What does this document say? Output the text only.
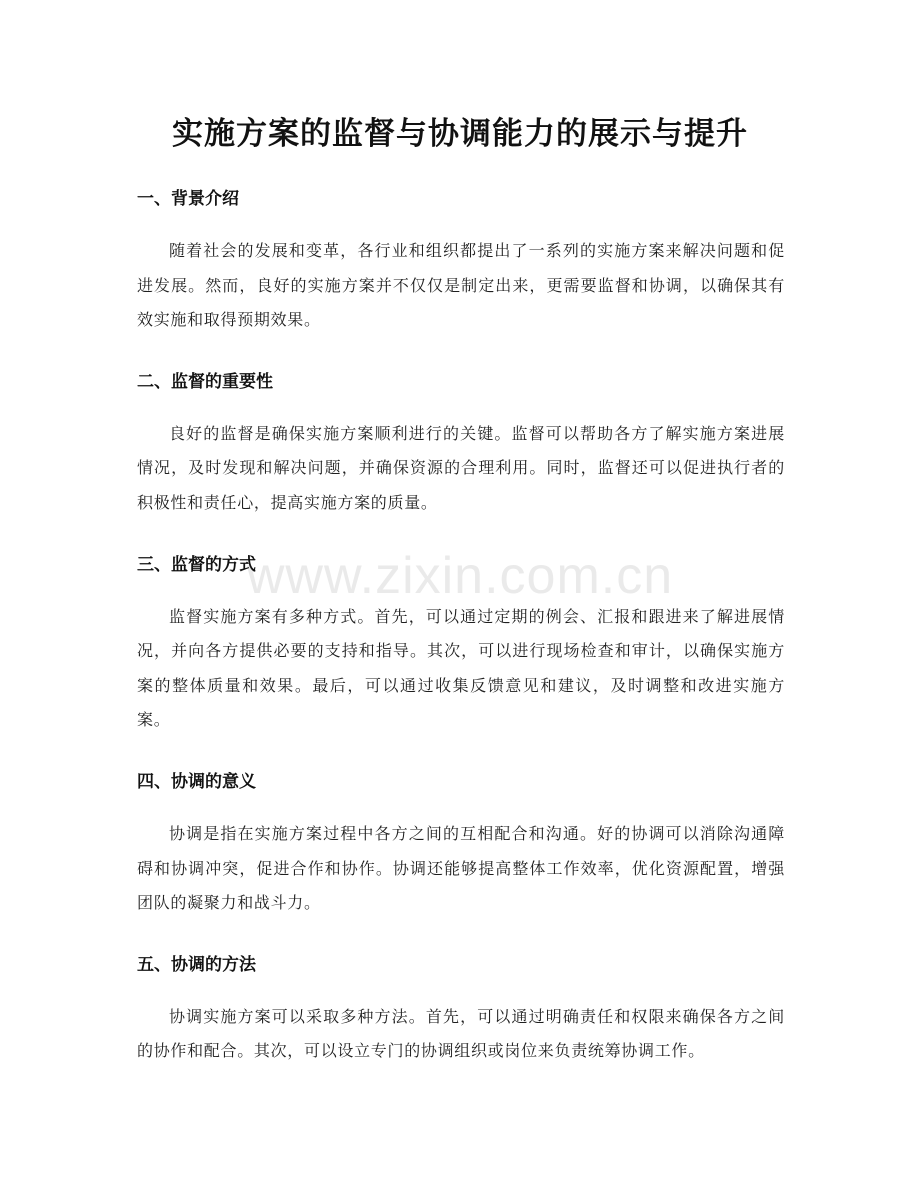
www.zixin.com.cn
实施方案的监督与协调能力的展示与提升
一、背景介绍

随着社会的发展和变革，各行业和组织都提出了一系列的实施方案来解决问题和促进发展。然而，良好的实施方案并不仅仅是制定出来，更需要监督和协调，以确保其有效实施和取得预期效果。

二、监督的重要性

良好的监督是确保实施方案顺利进行的关键。监督可以帮助各方了解实施方案进展情况，及时发现和解决问题，并确保资源的合理利用。同时，监督还可以促进执行者的积极性和责任心，提高实施方案的质量。

三、监督的方式

监督实施方案有多种方式。首先，可以通过定期的例会、汇报和跟进来了解进展情况，并向各方提供必要的支持和指导。其次，可以进行现场检查和审计，以确保实施方案的整体质量和效果。最后，可以通过收集反馈意见和建议，及时调整和改进实施方案。

四、协调的意义

协调是指在实施方案过程中各方之间的互相配合和沟通。好的协调可以消除沟通障碍和协调冲突，促进合作和协作。协调还能够提高整体工作效率，优化资源配置，增强团队的凝聚力和战斗力。

五、协调的方法

协调实施方案可以采取多种方法。首先，可以通过明确责任和权限来确保各方之间的协作和配合。其次，可以设立专门的协调组织或岗位来负责统筹协调工作。
